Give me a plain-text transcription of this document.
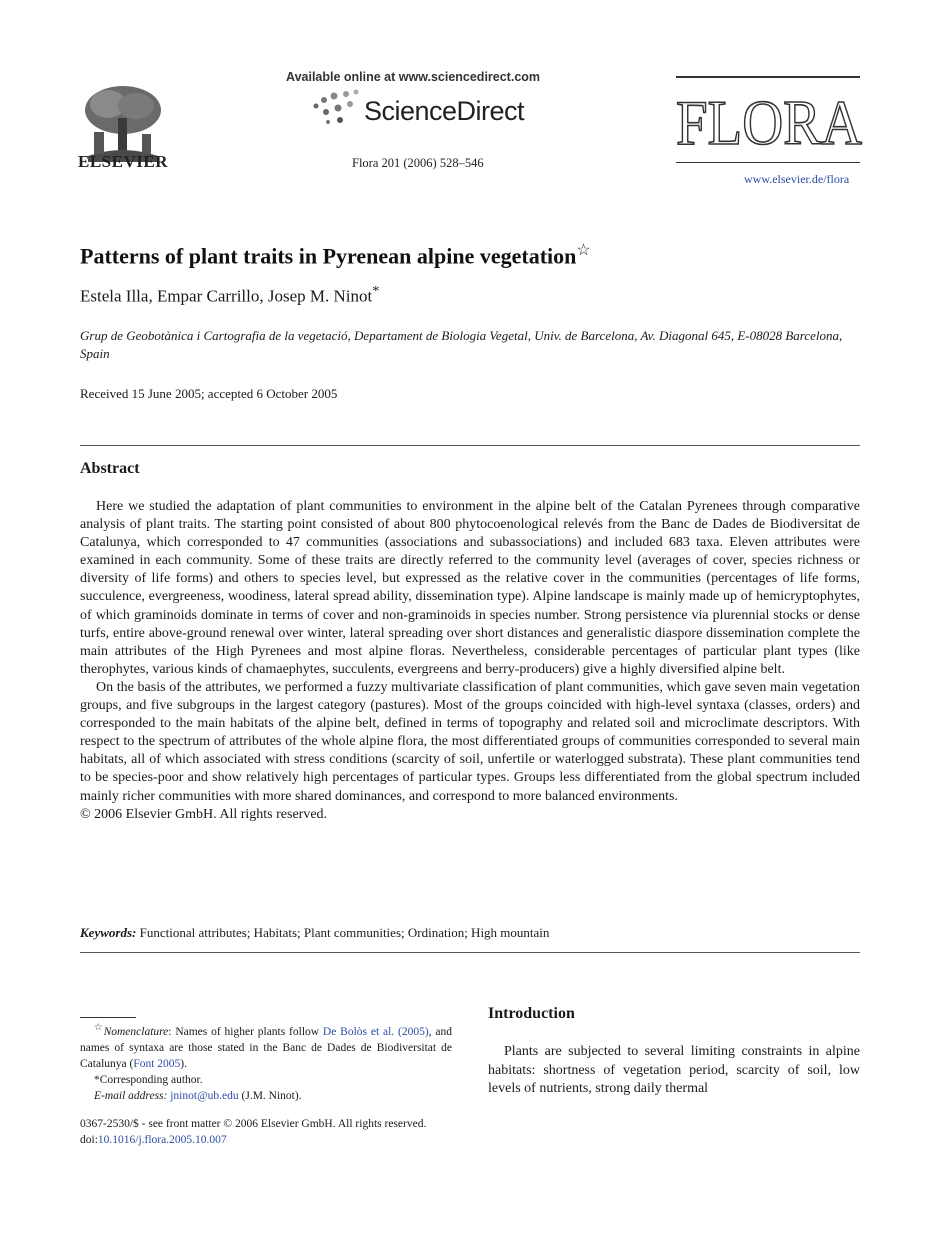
ELSEVIER
Available online at www.sciencedirect.com
ScienceDirect
Flora 201 (2006) 528–546
FLORA
www.elsevier.de/flora
Patterns of plant traits in Pyrenean alpine vegetation☆
Estela Illa, Empar Carrillo, Josep M. Ninot*
Grup de Geobotànica i Cartografia de la vegetació, Departament de Biologia Vegetal, Univ. de Barcelona, Av. Diagonal 645, E-08028 Barcelona, Spain
Received 15 June 2005; accepted 6 October 2005
Abstract

Here we studied the adaptation of plant communities to environment in the alpine belt of the Catalan Pyrenees through comparative analysis of plant traits. The starting point consisted of about 800 phytocoenological relevés from the Banc de Dades de Biodiversitat de Catalunya, which corresponded to 47 communities (associations and subassociations) and included 683 taxa. Eleven attributes were examined in each community. Some of these traits are directly referred to the community level (averages of cover, species richness or diversity of life forms) and others to species level, but expressed as the relative cover in the communities (percentages of life forms, succulence, evergreeness, woodiness, lateral spread ability, dissemination type). Alpine landscape is mainly made up of hemicryptophytes, of which graminoids dominate in terms of cover and non-graminoids in species number. Strong persistence via plurennial stocks or dense turfs, entire above-ground renewal over winter, lateral spreading over short distances and generalistic diaspore dissemination complete the main attributes of the High Pyrenees and most alpine floras. Nevertheless, considerable percentages of particular plant types (like therophytes, various kinds of chamaephytes, succulents, evergreens and berry-producers) give a highly diversified alpine belt.

On the basis of the attributes, we performed a fuzzy multivariate classification of plant communities, which gave seven main vegetation groups, and five subgroups in the largest category (pastures). Most of the groups coincided with high-level syntaxa (classes, orders) and corresponded to the main habitats of the alpine belt, defined in terms of topography and related soil and microclimate descriptors. With respect to the spectrum of attributes of the whole alpine flora, the most differentiated groups of communities corresponded to several main habitats, all of which associated with stress conditions (scarcity of soil, unfertile or waterlogged substrata). These plant communities tend to be species-poor and show relatively high percentages of particular types. Groups less differentiated from the global spectrum included mainly richer communities with more shared dominances, and correspond to more balanced environments.

© 2006 Elsevier GmbH. All rights reserved.

Keywords: Functional attributes; Habitats; Plant communities; Ordination; High mountain

☆Nomenclature: Names of higher plants follow De Bolòs et al. (2005), and names of syntaxa are those stated in the Banc de Dades de Biodiversitat de Catalunya (Font 2005).

*Corresponding author.

E-mail address: jninot@ub.edu (J.M. Ninot).

0367-2530/$ - see front matter © 2006 Elsevier GmbH. All rights reserved.
doi:10.1016/j.flora.2005.10.007
Introduction

Plants are subjected to several limiting constraints in alpine habitats: shortness of vegetation period, scarcity of soil, low levels of nutrients, strong daily thermal
